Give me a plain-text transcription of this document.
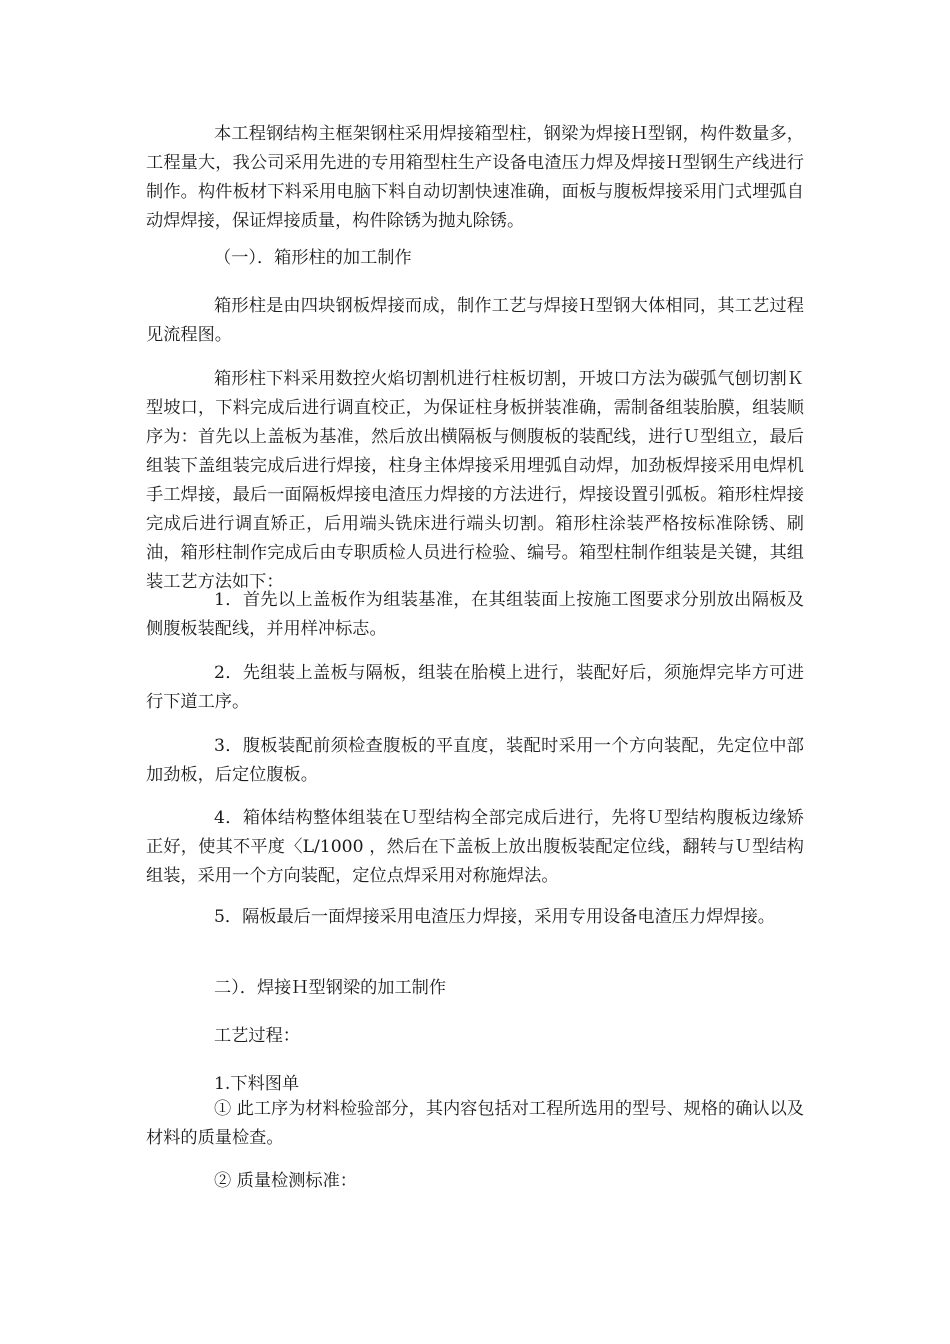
本工程钢结构主框架钢柱采用焊接箱型柱，钢梁为焊接Ｈ型钢，构件数量多，工程量大，我公司采用先进的专用箱型柱生产设备电渣压力焊及焊接Ｈ型钢生产线进行制作。构件板材下料采用电脑下料自动切割快速准确，面板与腹板焊接采用门式埋弧自动焊焊接，保证焊接质量，构件除锈为抛丸除锈。

（一）．箱形柱的加工制作

箱形柱是由四块钢板焊接而成，制作工艺与焊接Ｈ型钢大体相同，其工艺过程见流程图。

箱形柱下料采用数控火焰切割机进行柱板切割，开坡口方法为碳弧气刨切割Ｋ型坡口，下料完成后进行调直校正，为保证柱身板拼装准确，需制备组装胎膜，组装顺序为：首先以上盖板为基准，然后放出横隔板与侧腹板的装配线，进行Ｕ型组立，最后组装下盖组装完成后进行焊接，柱身主体焊接采用埋弧自动焊，加劲板焊接采用电焊机手工焊接，最后一面隔板焊接电渣压力焊接的方法进行，焊接设置引弧板。箱形柱焊接完成后进行调直矫正，后用端头铣床进行端头切割。箱形柱涂装严格按标准除锈、刷油，箱形柱制作完成后由专职质检人员进行检验、编号。箱型柱制作组装是关键，其组装工艺方法如下：

1．首先以上盖板作为组装基准，在其组装面上按施工图要求分别放出隔板及侧腹板装配线，并用样冲标志。

2．先组装上盖板与隔板，组装在胎模上进行，装配好后，须施焊完毕方可进行下道工序。

3．腹板装配前须检查腹板的平直度，装配时采用一个方向装配，先定位中部加劲板，后定位腹板。

4．箱体结构整体组装在Ｕ型结构全部完成后进行，先将Ｕ型结构腹板边缘矫正好，使其不平度〈L/1000 ，然后在下盖板上放出腹板装配定位线，翻转与Ｕ型结构组装，采用一个方向装配，定位点焊采用对称施焊法。

5．隔板最后一面焊接采用电渣压力焊接，采用专用设备电渣压力焊焊接。

二）．焊接Ｈ型钢梁的加工制作

工艺过程：

1.下料图单

① 此工序为材料检验部分，其内容包括对工程所选用的型号、规格的确认以及材料的质量检查。

② 质量检测标准：
